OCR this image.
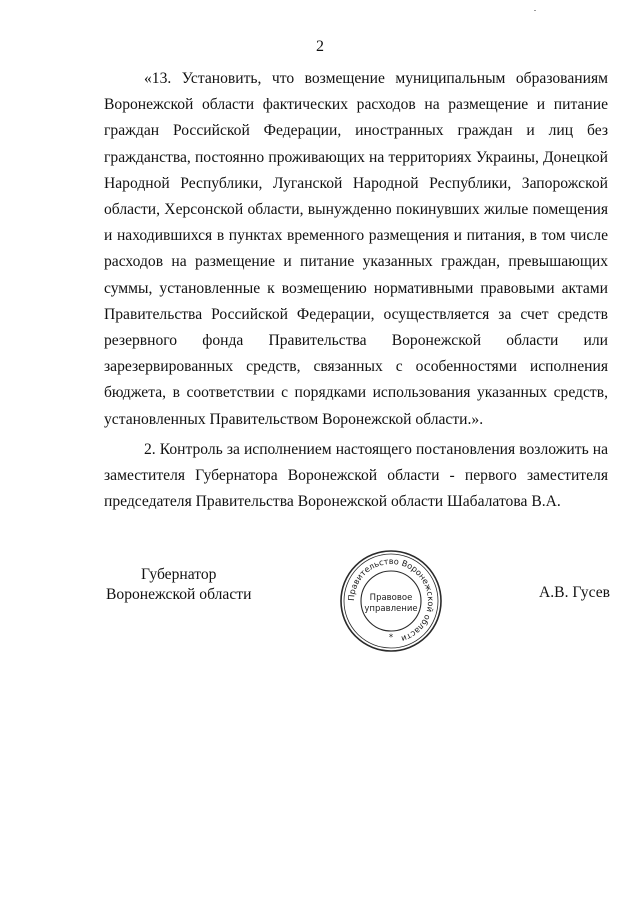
2

«13. Установить, что возмещение муниципальным образованиям Воронежской области фактических расходов на размещение и питание граждан Российской Федерации, иностранных граждан и лиц без гражданства, постоянно проживающих на территориях Украины, Донецкой Народной Республики, Луганской Народной Республики, Запорожской области, Херсонской области, вынужденно покинувших жилые помещения и находившихся в пунктах временного размещения и питания, в том числе расходов на размещение и питание указанных граждан, превышающих суммы, установленные к возмещению нормативными правовыми актами Правительства Российской Федерации, осуществляется за счет средств резервного фонда Правительства Воронежской области или зарезервированных средств, связанных с особенностями исполнения бюджета, в соответствии с порядками использования указанных средств, установленных Правительством Воронежской области.».

2. Контроль за исполнением настоящего постановления возложить на заместителя Губернатора Воронежской области - первого заместителя председателя Правительства Воронежской области Шабалатова В.А.

Губернатор
Воронежской области	Правительство Воронежской области
Правовое
управление
*
А.В. Гусев
